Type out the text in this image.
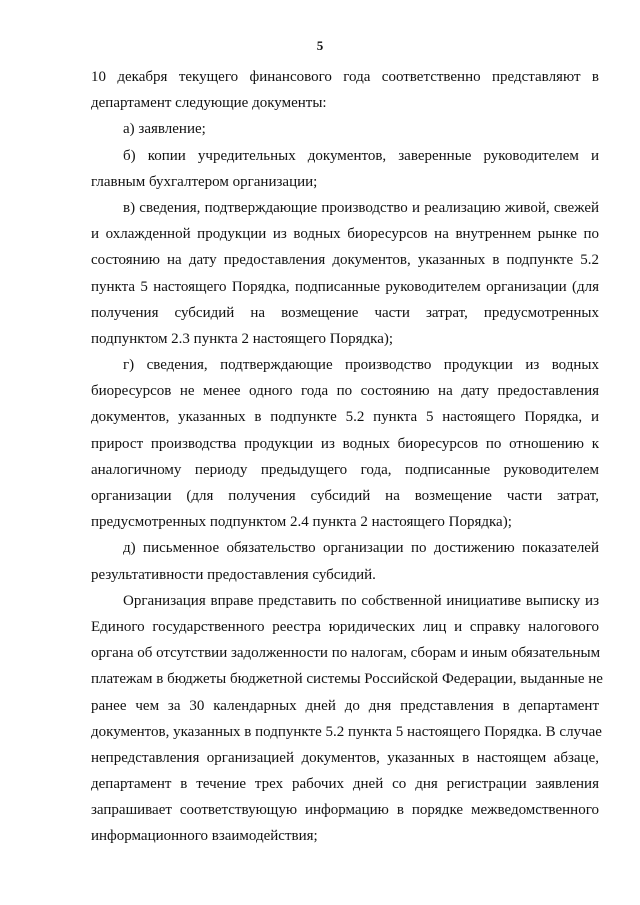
5
10 декабря текущего финансового года соответственно представляют в
департамент следующие документы:
а) заявление;
б) копии учредительных документов, заверенные руководителем и
главным бухгалтером организации;
в) сведения, подтверждающие производство и реализацию живой, свежей
и охлажденной продукции из водных биоресурсов на внутреннем рынке по
состоянию на дату предоставления документов, указанных в подпункте 5.2
пункта 5 настоящего Порядка, подписанные руководителем организации (для
получения субсидий на возмещение части затрат, предусмотренных
подпунктом 2.3 пункта 2 настоящего Порядка);
г) сведения, подтверждающие производство продукции из водных
биоресурсов не менее одного года по состоянию на дату предоставления
документов, указанных в подпункте 5.2 пункта 5 настоящего Порядка, и
прирост производства продукции из водных биоресурсов по отношению к
аналогичному периоду предыдущего года, подписанные руководителем
организации (для получения субсидий на возмещение части затрат,
предусмотренных подпунктом 2.4 пункта 2 настоящего Порядка);
д) письменное обязательство организации по достижению показателей
результативности предоставления субсидий.
Организация вправе представить по собственной инициативе выписку из
Единого государственного реестра юридических лиц и справку налогового
органа об отсутствии задолженности по налогам, сборам и иным обязательным
платежам в бюджеты бюджетной системы Российской Федерации, выданные не
ранее чем за 30 календарных дней до дня представления в департамент
документов, указанных в подпункте 5.2 пункта 5 настоящего Порядка. В случае
непредставления организацией документов, указанных в настоящем абзаце,
департамент в течение трех рабочих дней со дня регистрации заявления
запрашивает соответствующую информацию в порядке межведомственного
информационного взаимодействия;
